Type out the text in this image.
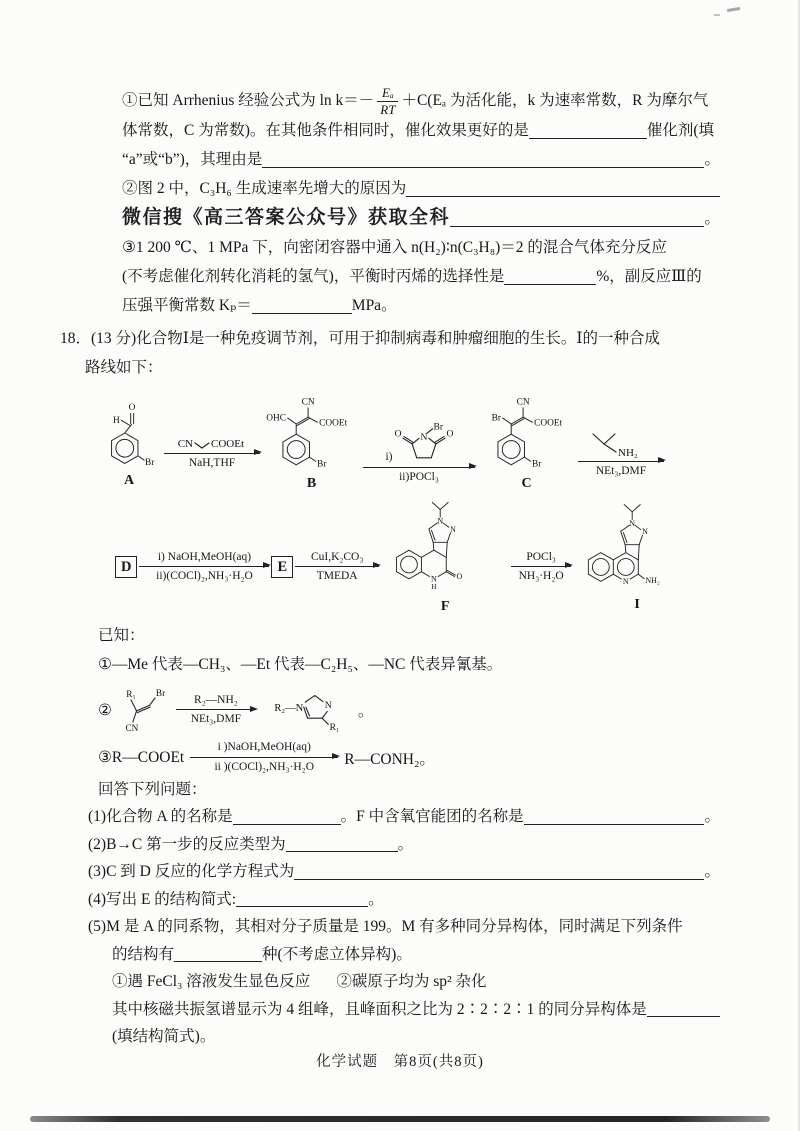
①已知 Arrhenius 经验公式为 $\ln k=- \frac{\text{Eₐ}}{RT} +C(E_a$ 为活化能，k 为速率常数，R 为摩尔气
体常数，C 为常数)。在其他条件相同时，催化效果更好的是	催化剂(填
“a”或“b”)，其理由是	。
②图 2 中，C₃H₆ 生成速率先增大的原因为
微信搜《高三答案公众号》获取全科	。
③1 200 ℃、1 MPa 下，向密闭容器中通入 n(H₂)∶n(C₃H₈)＝2 的混合气体充分反应
(不考虑催化剂转化消耗的氢气)，平衡时丙烯的选择性是	%，副反应Ⅲ的
压强平衡常数 Kₚ＝	MPa。
18．(13 分)化合物Ⅰ是一种免疫调节剂，可用于抑制病毒和肿瘤细胞的生长。Ⅰ的一种合成
路线如下：
O
H
Br
A
CN COOEt
NaH,THF
OHC
CN
COOEt
Br
B
i)
N
Br
O	O
ii)POCl₃
Br
CN
COOEt
Br
C
NH₂
NEt₃,DMF
D
i) NaOH,MeOH(aq)
ii)(COCl)₂,NH₃·H₂O
E
CuI,K₂CO₃
TMEDA
N
N
N
H
O
F
POCl₃
NH₃·H₂O
N
N
N NH₂
I
已知：
①—Me 代表—CH₃、—Et 代表—C₂H₅、—NC 代表异氰基。
②
R₁ Br
CN
R₂—NH₂
NEt₃,DMF
R₂—N N
R₁
。
③R—COOEt
i )NaOH,MeOH(aq)
ii )(COCl)₂,NH₃·H₂O R—CONH₂。
回答下列问题：
(1)化合物 A 的名称是	。F 中含氧官能团的名称是	。
(2)B→C 第一步的反应类型为	。
(3)C 到 D 反应的化学方程式为	。
(4)写出 E 的结构简式:	。
(5)M 是 A 的同系物，其相对分子质量是 199。M 有多种同分异构体，同时满足下列条件
的结构有	种(不考虑立体异构)。
①遇 FeCl₃ 溶液发生显色反应 ②碳原子均为 sp² 杂化
其中核磁共振氢谱显示为 4 组峰，且峰面积之比为 2∶2∶2∶1 的同分异构体是
(填结构简式)。
化学试题　第8页(共8页)
